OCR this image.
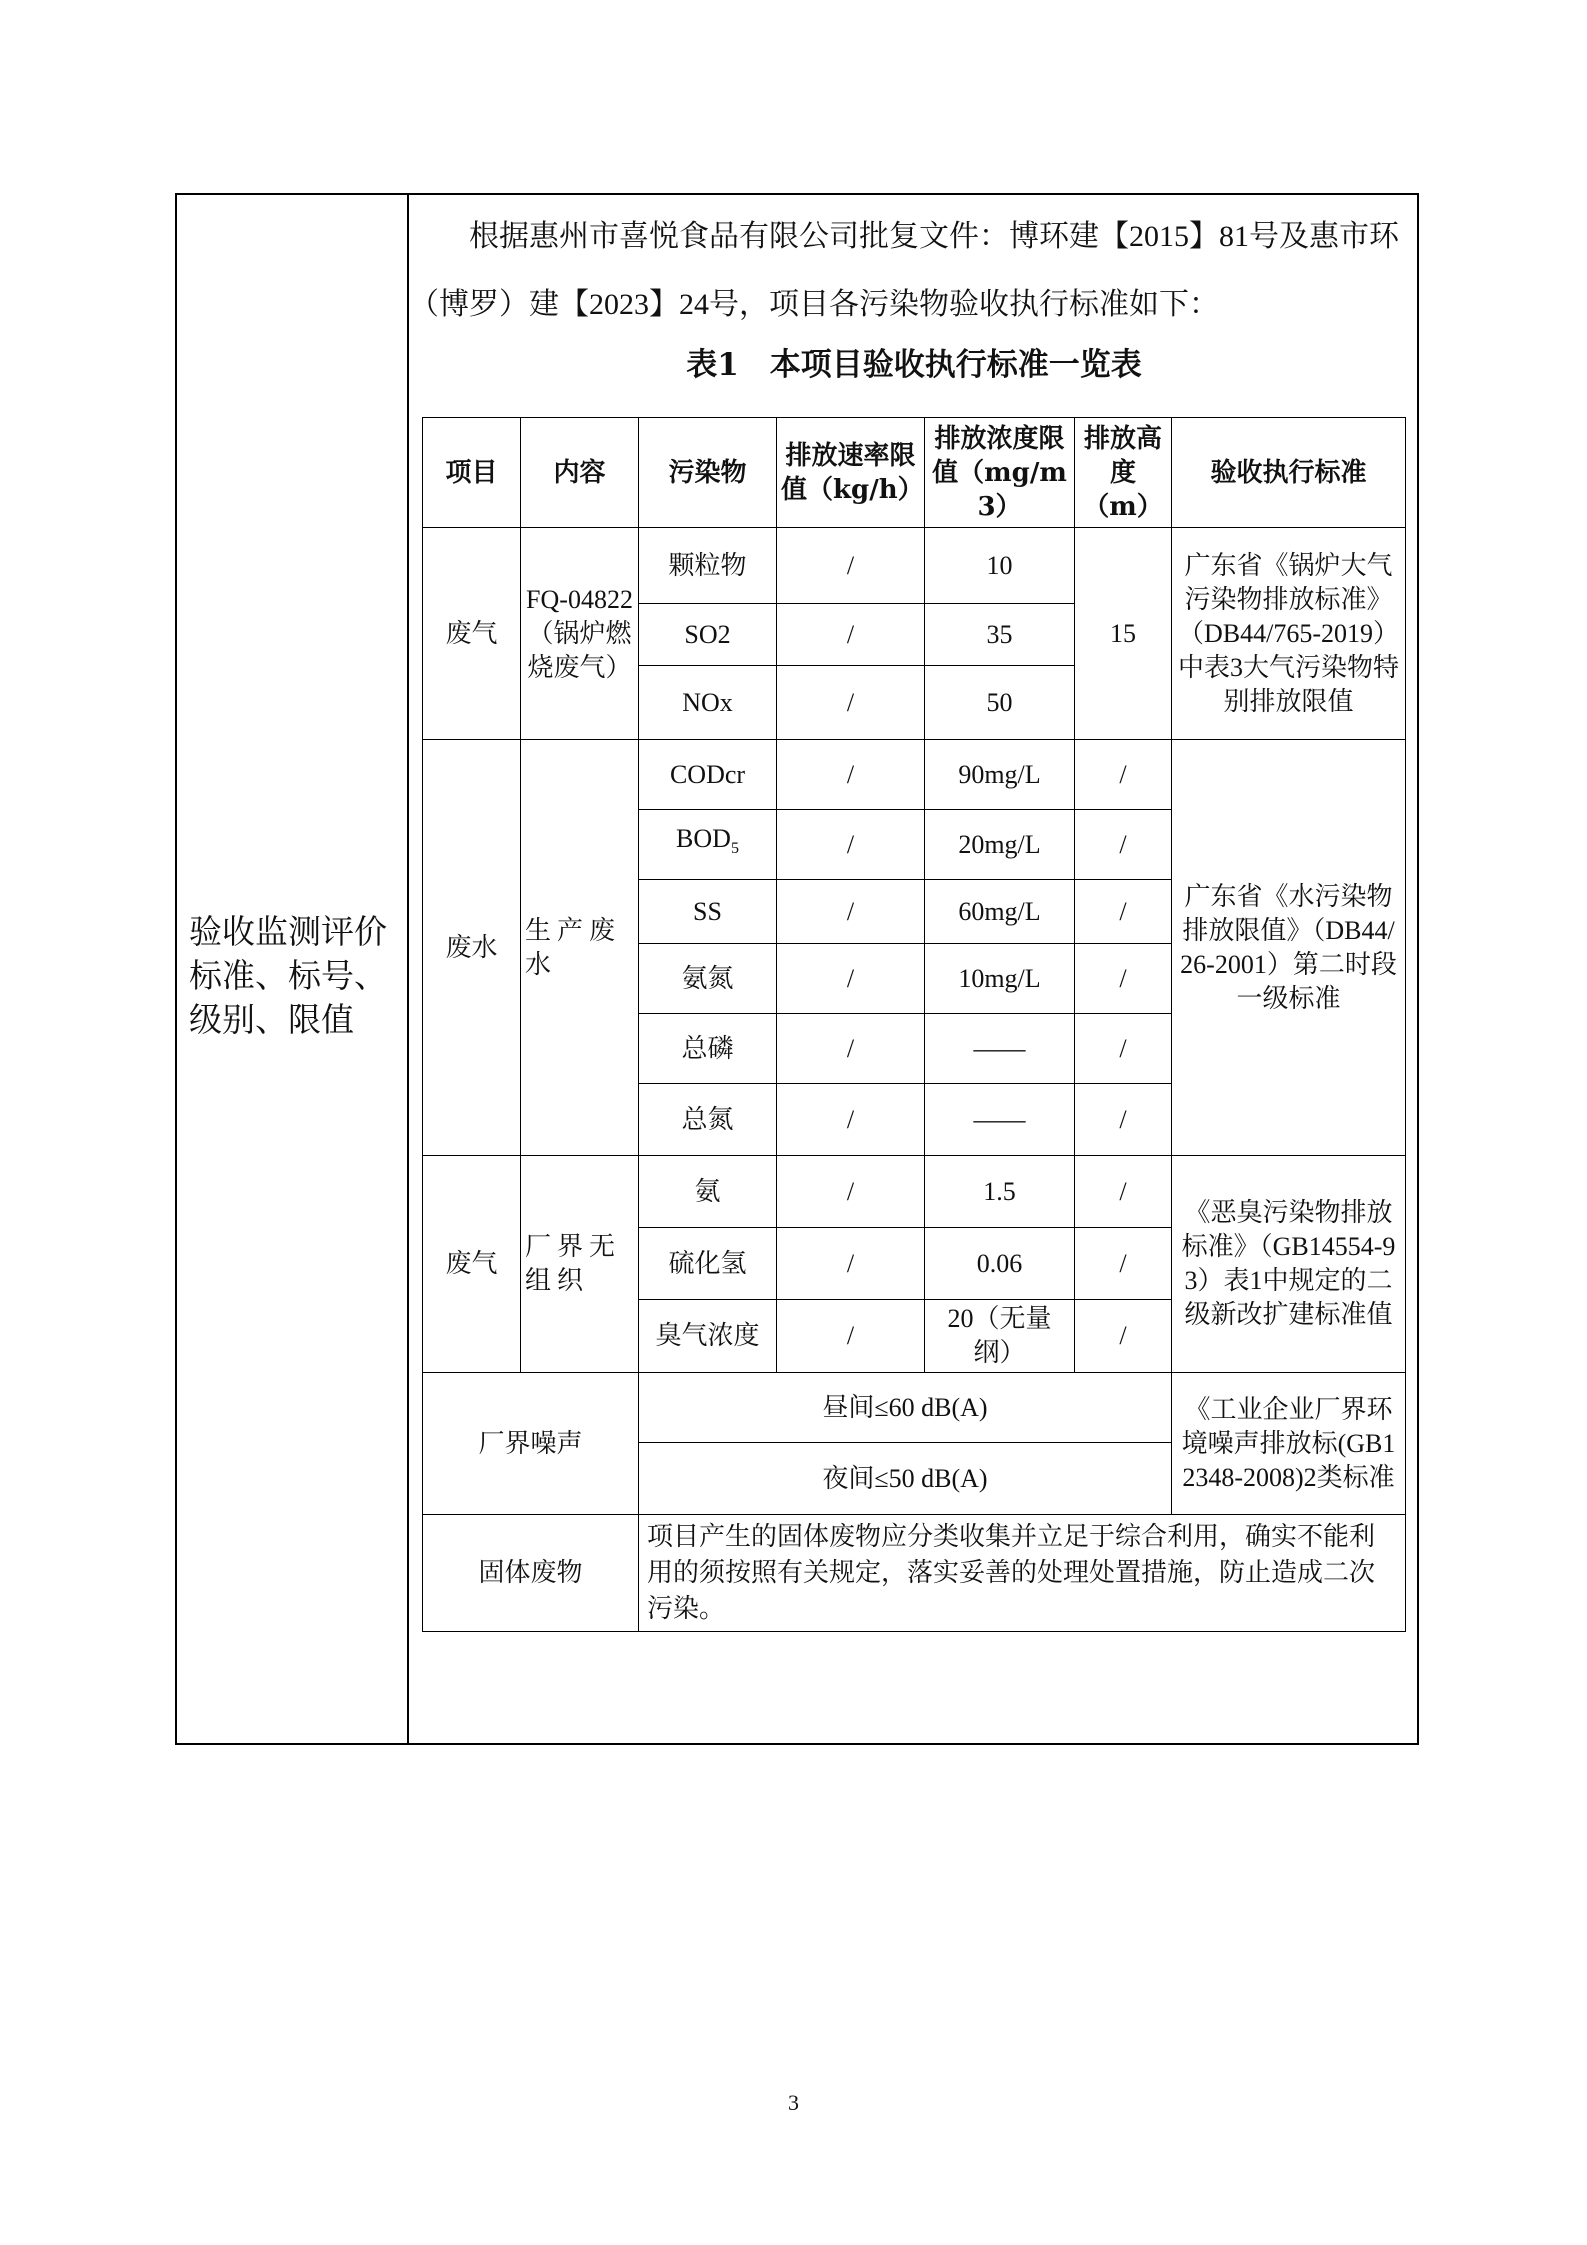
验收监测评价标准、标号、级别、限值
根据惠州市喜悦食品有限公司批复文件：博环建【2015】81号及惠市环（博罗）建【2023】24号，项目各污染物验收执行标准如下：
表1　本项目验收执行标准一览表
项目	内容	污染物	排放速率限值（kg/h）	排放浓度限值（mg/m3）	排放高度（m）	验收执行标准
废气	FQ-04822（锅炉燃烧废气）	颗粒物	/	10	15	广东省《锅炉大气污染物排放标准》（DB44/765-2019）中表3大气污染物特别排放限值
		SO2	/	35		
		NOx	/	50		
废水	生产废水	CODcr	/	90mg/L	/	广东省《水污染物排放限值》（DB44/26-2001）第二时段一级标准
		$BOD_5$	/	20mg/L	/	
		SS	/	60mg/L	/	
		氨氮	/	10mg/L	/	
		总磷	/	——	/	
		总氮	/	——	/	
废气	厂界无组织	氨	/	1.5	/	《恶臭污染物排放标准》（GB14554-93）表1中规定的二级新改扩建标准值
		硫化氢	/	0.06	/	
		臭气浓度	/	20（无量纲）	/	
厂界噪声		昼间≤60 dB(A)				《工业企业厂界环境噪声排放标(GB12348-2008)2类标准
		夜间≤50 dB(A)				
固体废物		项目产生的固体废物应分类收集并立足于综合利用，确实不能利用的须按照有关规定，落实妥善的处理处置措施，防止造成二次污染。				
3
